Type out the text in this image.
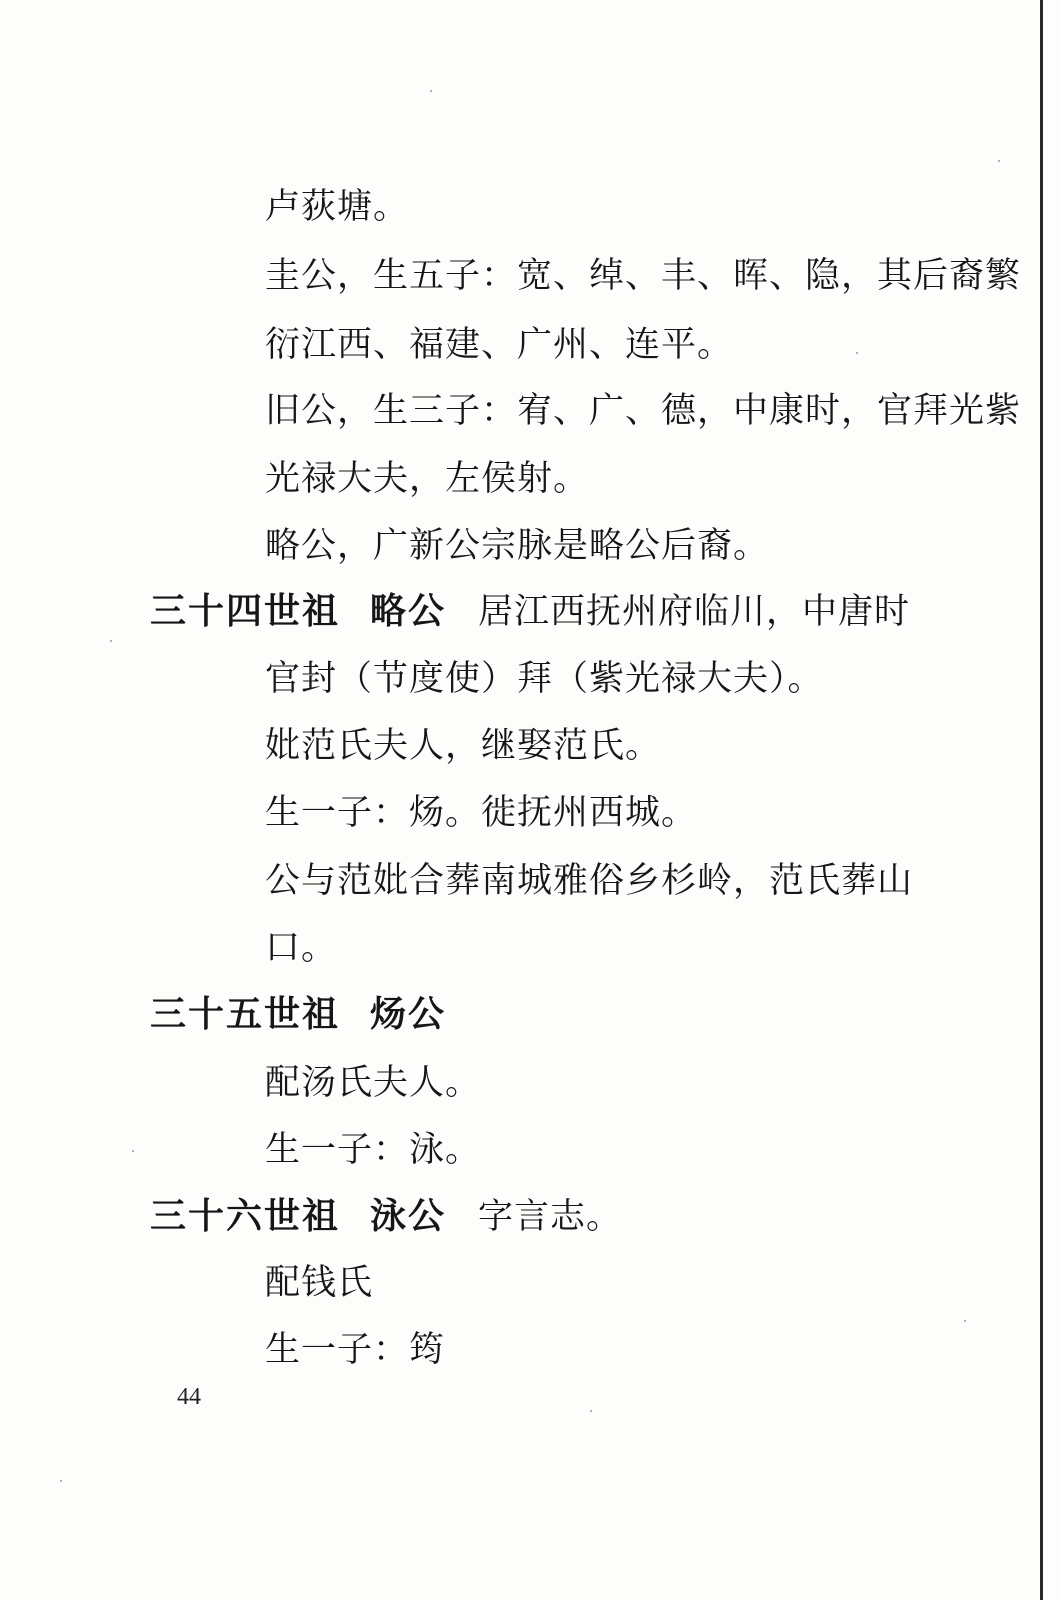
卢荻塘。
圭公，生五子：宽、绰、丰、晖、隐，其后裔繁
衍江西、福建、广州、连平。
旧公，生三子：宥、广、德，中康时，官拜光紫
光禄大夫，左侯射。
略公，广新公宗脉是略公后裔。
三十四世祖 略公 居江西抚州府临川，中唐时
官封（节度使）拜（紫光禄大夫）。
妣范氏夫人，继娶范氏。
生一子：炀。徙抚州西城。
公与范妣合葬南城雅俗乡杉岭，范氏葬山
口。
三十五世祖 炀公
配汤氏夫人。
生一子：泳。
三十六世祖 泳公 字言志。
配钱氏
生一子：筠
44
